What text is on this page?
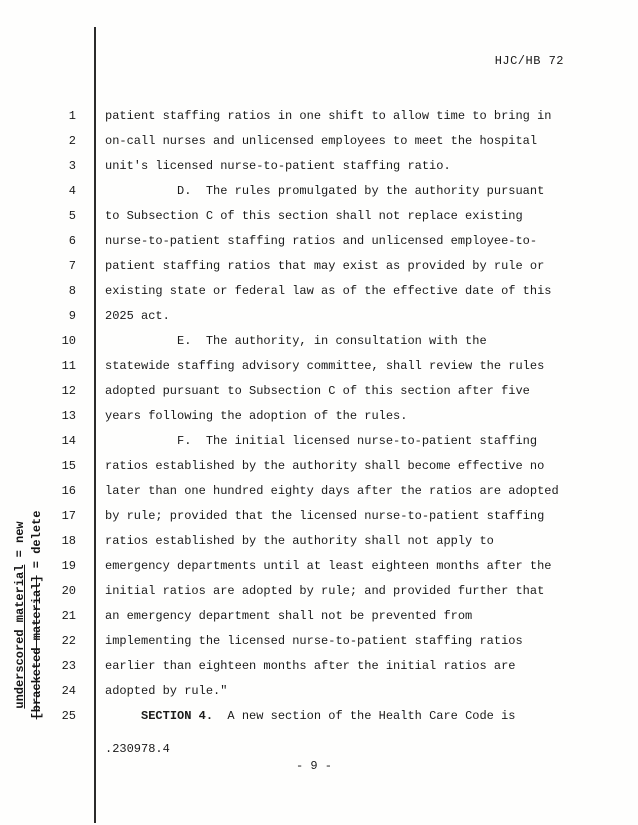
HJC/HB 72
underscored material = new
[bracketed material] = delete
1	patient staffing ratios in one shift to allow time to bring in
2	on-call nurses and unlicensed employees to meet the hospital
3	unit's licensed nurse-to-patient staffing ratio.
4	D.  The rules promulgated by the authority pursuant
5	to Subsection C of this section shall not replace existing
6	nurse-to-patient staffing ratios and unlicensed employee-to-
7	patient staffing ratios that may exist as provided by rule or
8	existing state or federal law as of the effective date of this
9	2025 act.
10	E.  The authority, in consultation with the
11	statewide staffing advisory committee, shall review the rules
12	adopted pursuant to Subsection C of this section after five
13	years following the adoption of the rules.
14	F.  The initial licensed nurse-to-patient staffing
15	ratios established by the authority shall become effective no
16	later than one hundred eighty days after the ratios are adopted
17	by rule; provided that the licensed nurse-to-patient staffing
18	ratios established by the authority shall not apply to
19	emergency departments until at least eighteen months after the
20	initial ratios are adopted by rule; and provided further that
21	an emergency department shall not be prevented from
22	implementing the licensed nurse-to-patient staffing ratios
23	earlier than eighteen months after the initial ratios are
24	adopted by rule."
25	SECTION 4.  A new section of the Health Care Code is
.230978.4
- 9 -
